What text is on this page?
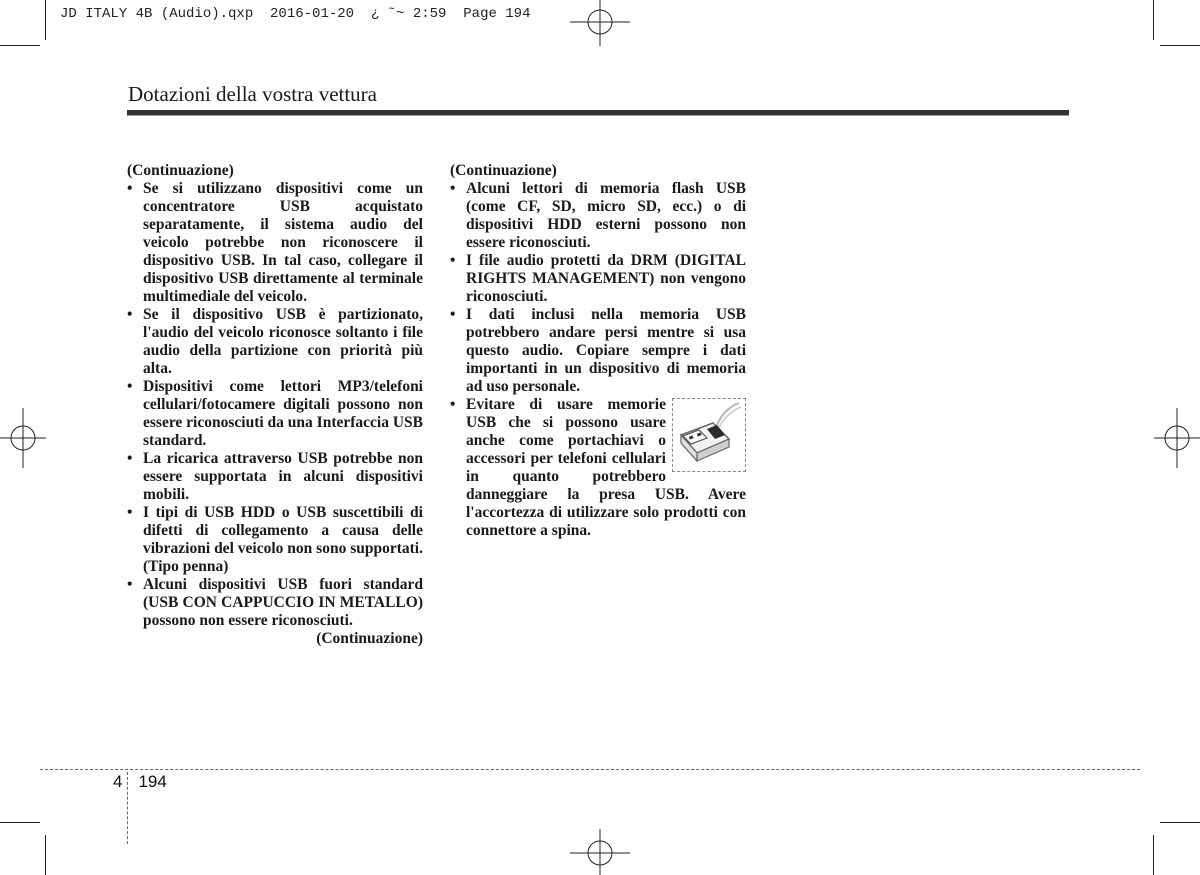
JD ITALY 4B (Audio).qxp  2016-01-20  ¿ ˜~ 2:59  Page 194
Dotazioni della vostra vettura

(Continuazione)

• Se si utilizzano dispositivi come un concentratore USB acquistato separatamente, il sistema audio del veicolo potrebbe non riconoscere il dispositivo USB. In tal caso, collegare il dispositivo USB direttamente al terminale multimediale del veicolo.
• Se il dispositivo USB è partizionato, l'audio del veicolo riconosce soltanto i file audio della partizione con priorità più alta.
• Dispositivi come lettori MP3/telefoni cellulari/fotocamere digitali possono non essere riconosciuti da una Interfaccia USB standard.
• La ricarica attraverso USB potrebbe non essere supportata in alcuni dispositivi mobili.
• I tipi di USB HDD o USB suscettibili di difetti di collegamento a causa delle vibrazioni del veicolo non sono supportati. (Tipo penna)
• Alcuni dispositivi USB fuori standard (USB CON CAPPUCCIO IN METALLO) possono non essere riconosciuti.

(Continuazione)

(Continuazione)

• Alcuni lettori di memoria flash USB (come CF, SD, micro SD, ecc.) o di dispositivi HDD esterni possono non essere riconosciuti.
• I file audio protetti da DRM (DIGITAL RIGHTS MANAGEMENT) non vengono riconosciuti.
• I dati inclusi nella memoria USB potrebbero andare persi mentre si usa questo audio. Copiare sempre i dati importanti in un dispositivo di memoria ad uso personale.
• Evitare di usare memorie USB che si possono usare anche come portachiavi o accessori per telefoni cellulari in quanto potrebbero danneggiare la presa USB. Avere l'accortezza di utilizzare solo prodotti con connettore a spina.
4 194
